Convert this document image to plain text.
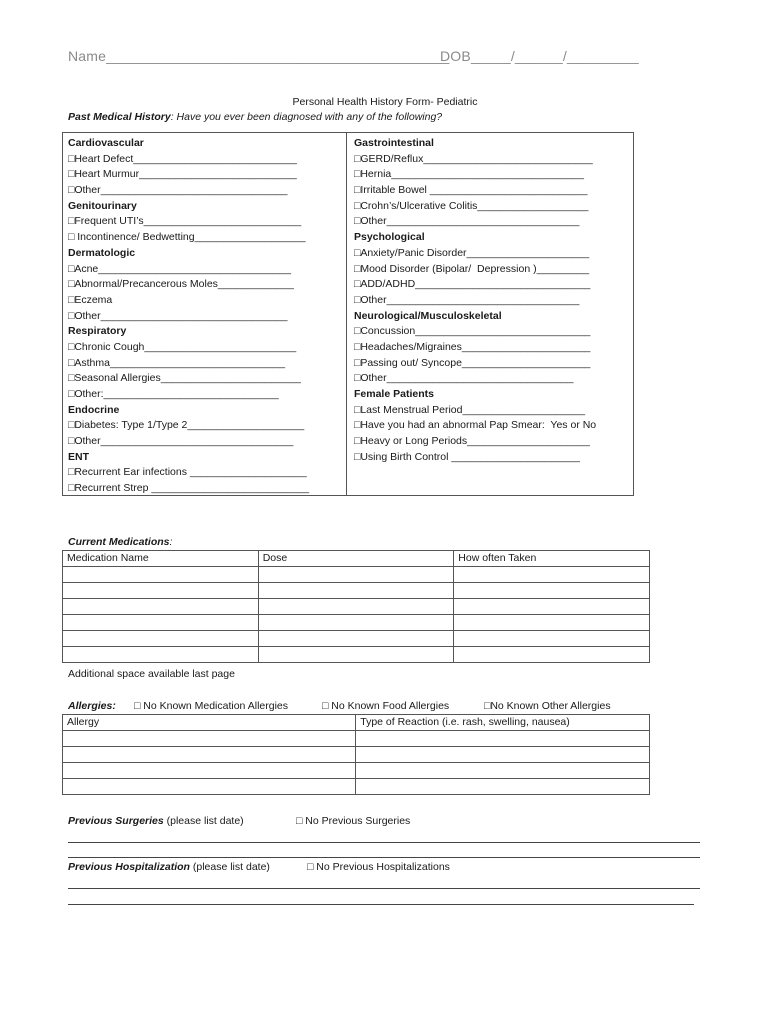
Name___________________________________________
DOB_____/______/_________
Personal Health History Form- Pediatric
Past Medical History: Have you ever been diagnosed with any of the following?
Cardiovascular
□Heart Defect____________________________
□Heart Murmur___________________________
□Other________________________________
Genitourinary
□Frequent UTI’s___________________________
□ Incontinence/ Bedwetting___________________
Dermatologic
□Acne_________________________________
□Abnormal/Precancerous Moles_____________
□Eczema
□Other________________________________
Respiratory
□Chronic Cough__________________________
□Asthma______________________________
□Seasonal Allergies________________________
□Other:______________________________
Endocrine
□Diabetes: Type 1/Type 2____________________
□Other_________________________________
ENT
□Recurrent Ear infections ____________________
□Recurrent Strep ___________________________
Gastrointestinal
□GERD/Reflux_____________________________
□Hernia_________________________________
□Irritable Bowel ___________________________
□Crohn’s/Ulcerative Colitis___________________
□Other_________________________________
Psychological
□Anxiety/Panic Disorder_____________________
□Mood Disorder (Bipolar/  Depression )_________
□ADD/ADHD______________________________
□Other_________________________________
Neurological/Musculoskeletal
□Concussion______________________________
□Headaches/Migraines______________________
□Passing out/ Syncope______________________
□Other________________________________
Female Patients
□Last Menstrual Period_____________________
□Have you had an abnormal Pap Smear:  Yes or No
□Heavy or Long Periods_____________________
□Using Birth Control ______________________
Current Medications:
Medication Name	Dose	How often Taken

Additional space available last page
Allergies: □ No Known Medication Allergies	□ No Known Food Allergies	□No Known Other Allergies
Allergy	Type of Reaction (i.e. rash, swelling, nausea)

Previous Surgeries (please list date)	□ No Previous Surgeries
Previous Hospitalization (please list date)	□ No Previous Hospitalizations
